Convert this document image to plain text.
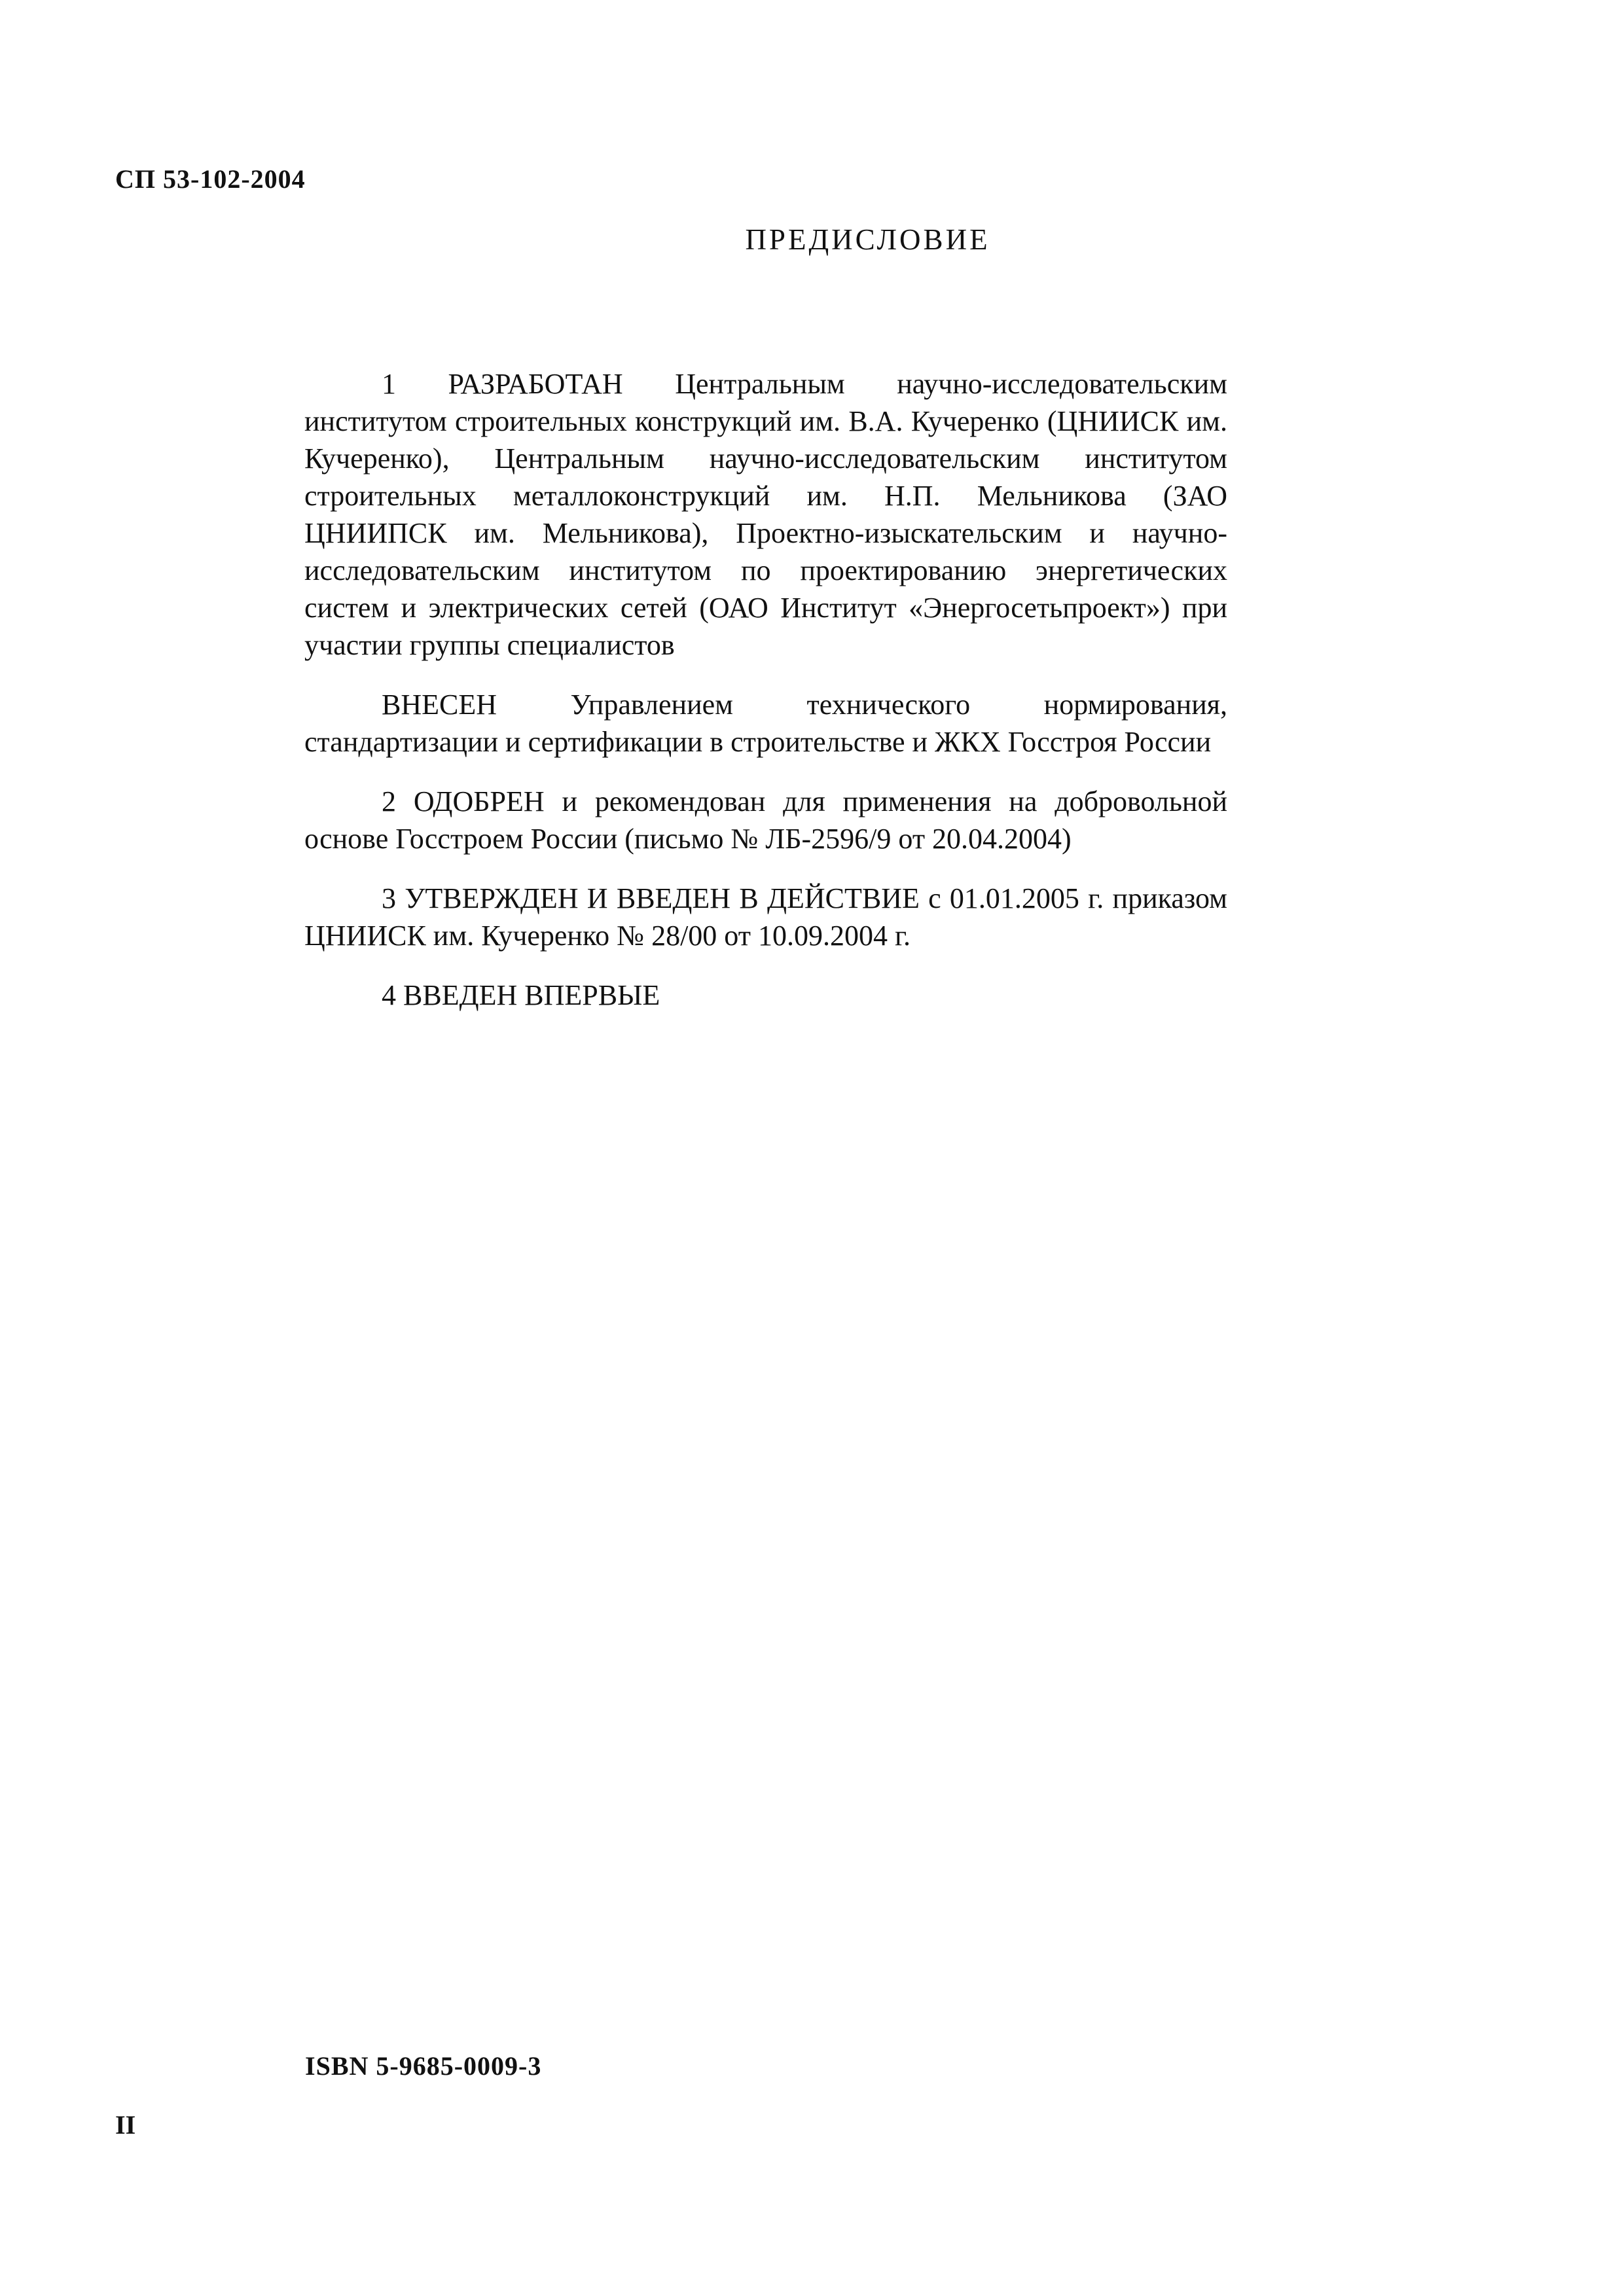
СП 53-102-2004
ПРЕДИСЛОВИЕ

1 РАЗРАБОТАН Центральным научно-исследовательским институтом строительных конструкций им. В.А. Кучеренко (ЦНИИСК им. Кучеренко), Центральным научно-исследовательским институтом строительных металлоконструкций им. Н.П. Мельникова (ЗАО ЦНИИПСК им. Мельникова), Проектно-изыскательским и научно-исследовательским институтом по проектированию энергетических систем и электрических сетей (ОАО Институт «Энергосетьпроект») при участии группы специалистов

ВНЕСЕН Управлением технического нормирования, стандартизации и сертификации в строительстве и ЖКХ Госстроя России

2 ОДОБРЕН и рекомендован для применения на добровольной основе Госстроем России (письмо № ЛБ-2596/9 от 20.04.2004)

3 УТВЕРЖДЕН И ВВЕДЕН В ДЕЙСТВИЕ с 01.01.2005 г. приказом ЦНИИСК им. Кучеренко № 28/00 от 10.09.2004 г.

4 ВВЕДЕН ВПЕРВЫЕ

ISBN 5-9685-0009-3
II
